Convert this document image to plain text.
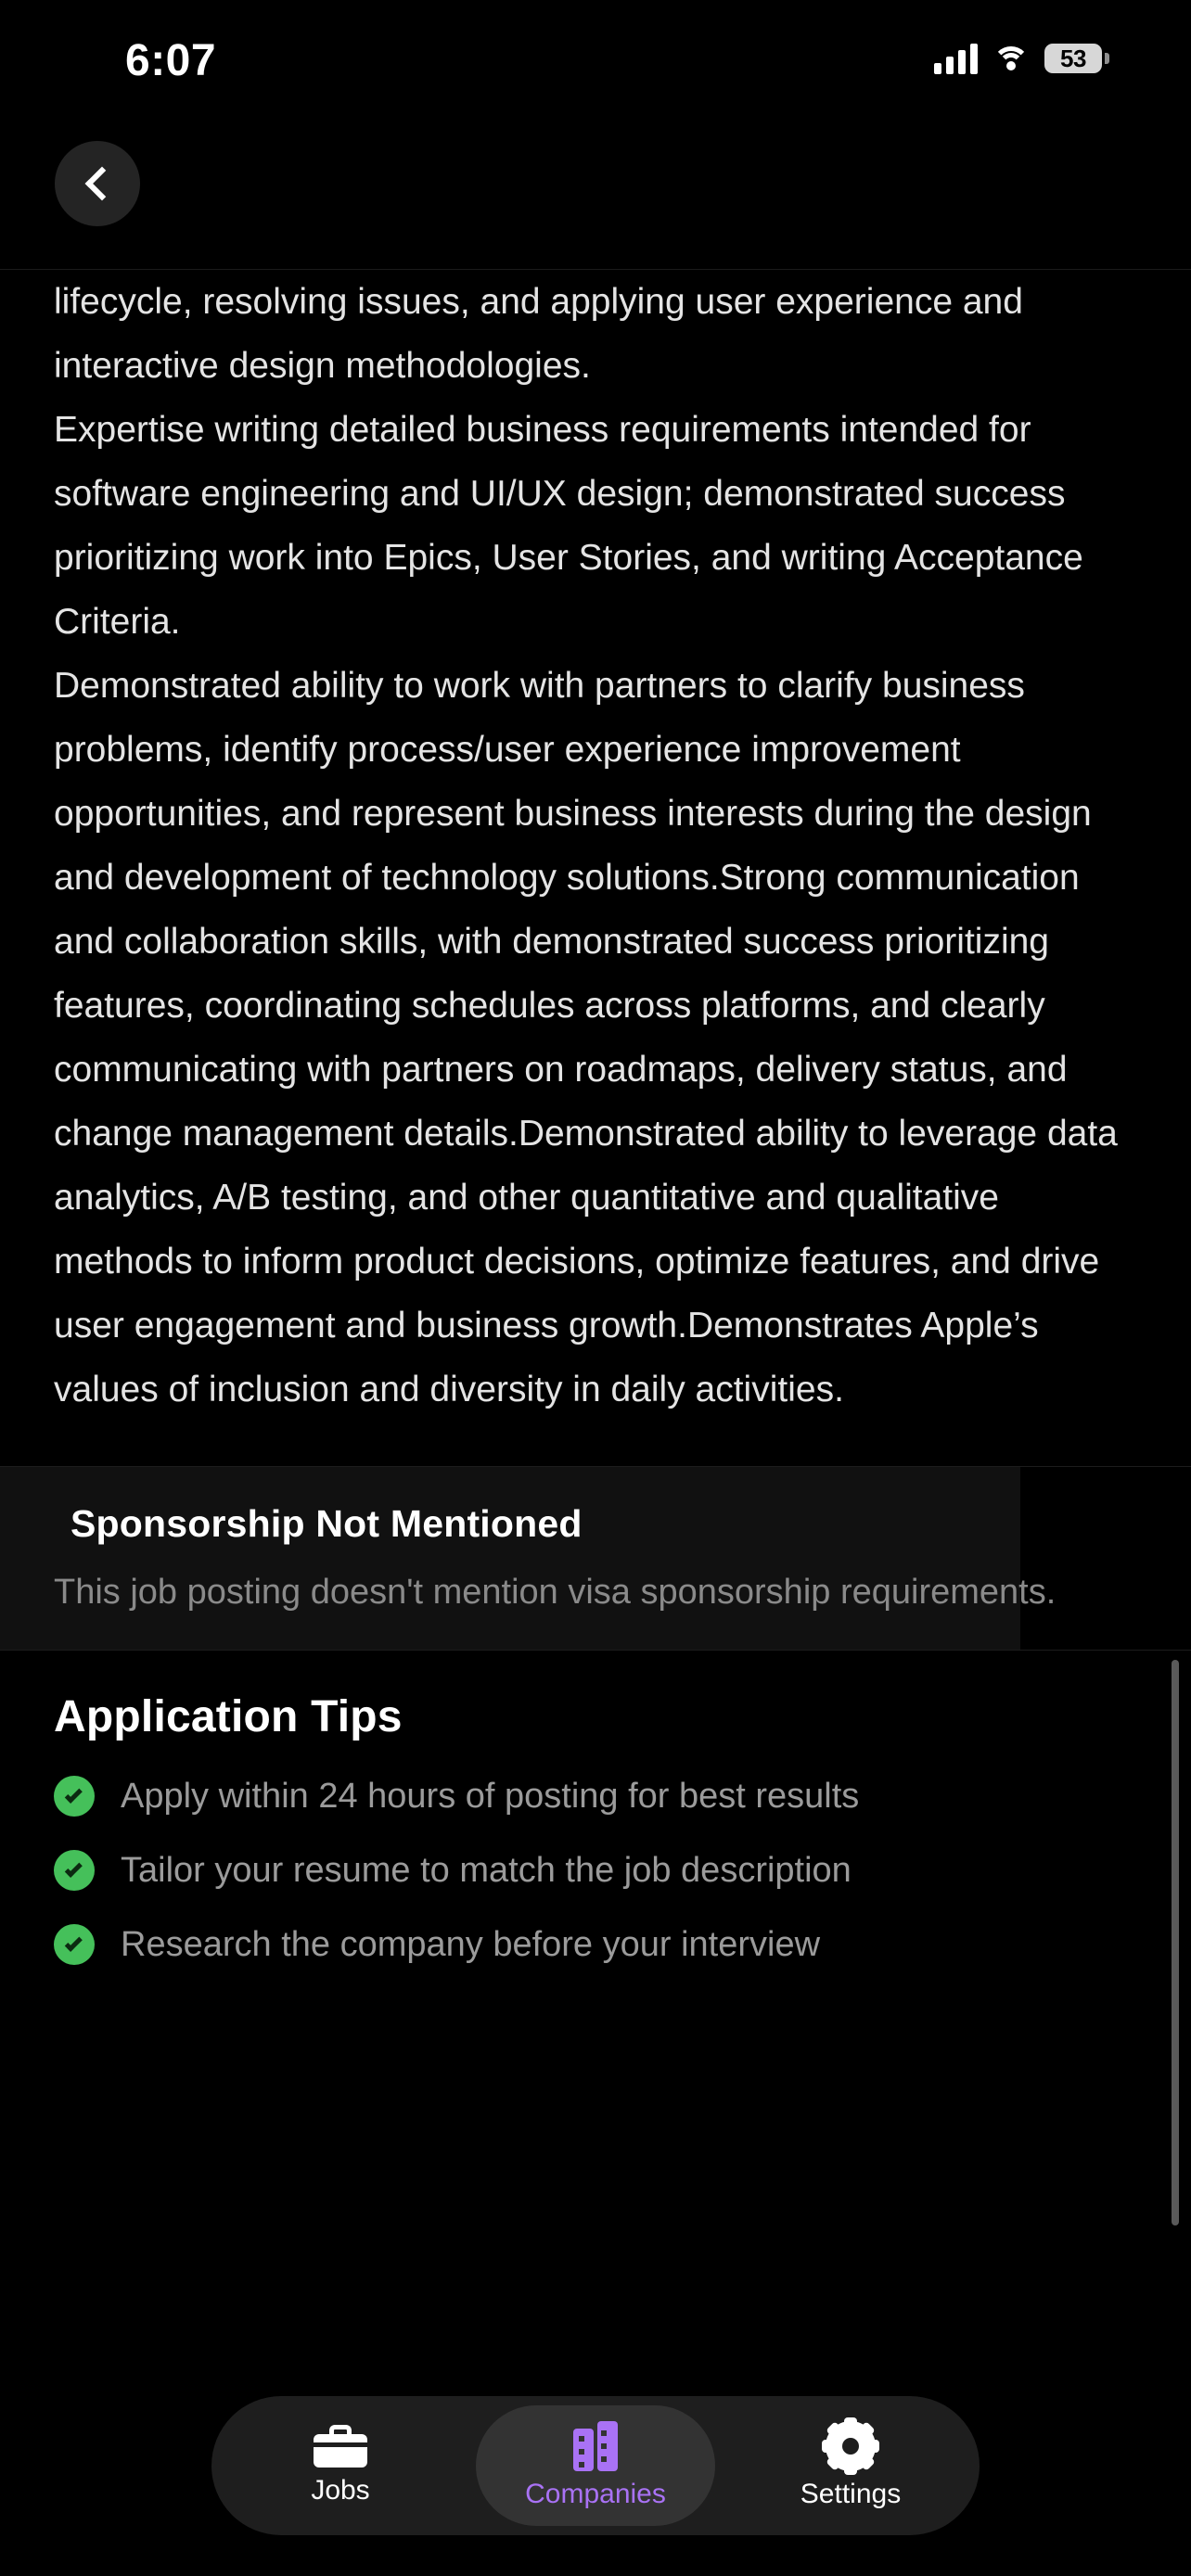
6:07	53

lifecycle, resolving issues, and applying user experience and interactive design methodologies.

Expertise writing detailed business requirements intended for software engineering and UI/UX design; demonstrated success prioritizing work into Epics, User Stories, and writing Acceptance Criteria.

Demonstrated ability to work with partners to clarify business problems, identify process/user experience improvement opportunities, and represent business interests during the design and development of technology solutions.Strong communication and collaboration skills, with demonstrated success prioritizing features, coordinating schedules across platforms, and clearly communicating with partners on roadmaps, delivery status, and change management details.Demonstrated ability to leverage data analytics, A/B testing, and other quantitative and qualitative methods to inform product decisions, optimize features, and drive user engagement and business growth.Demonstrates Apple’s values of inclusion and diversity in daily activities.

Sponsorship Not Mentioned
This job posting doesn't mention visa sponsorship requirements.
Application Tips
Apply within 24 hours of posting for best results
Tailor your resume to match the job description
Research the company before your interview
Jobs	Companies	Settings
